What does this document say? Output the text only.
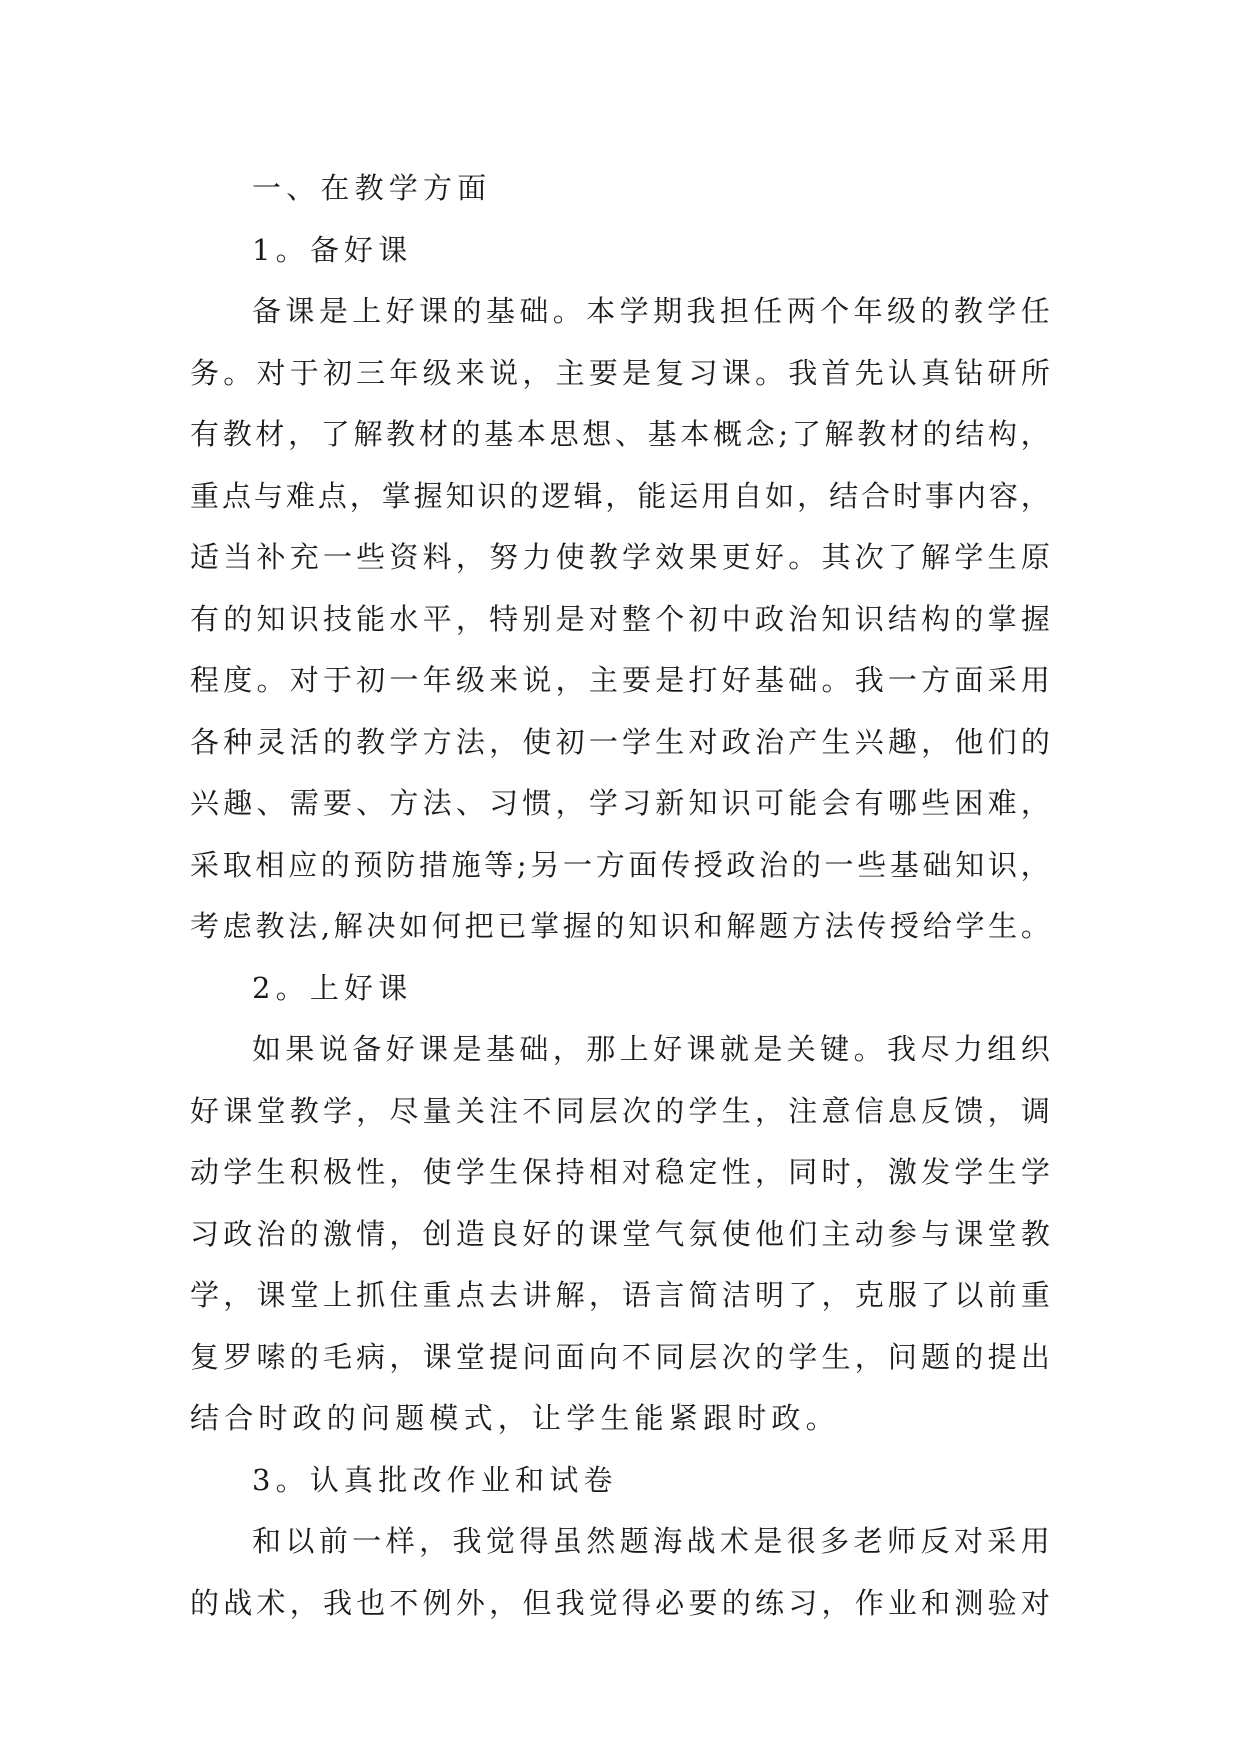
一、在教学方面
1。备好课
备 课 是 上 好 课 的 基 础 。 本 学 期 我 担 任 两 个 年 级 的 教 学 任
务 。 对 于 初 三 年 级 来 说 ， 主 要 是 复 习 课 。 我 首 先 认 真 钻 研 所
有 教 材 ， 了 解 教 材 的 基 本 思 想 、 基 本 概 念 ; 了 解 教 材 的 结 构 ，
重 点 与 难 点 ， 掌 握 知 识 的 逻 辑 ， 能 运 用 自 如 ， 结 合 时 事 内 容 ，
适 当 补 充 一 些 资 料 ， 努 力 使 教 学 效 果 更 好 。 其 次 了 解 学 生 原
有 的 知 识 技 能 水 平 ， 特 别 是 对 整 个 初 中 政 治 知 识 结 构 的 掌 握
程 度 。 对 于 初 一 年 级 来 说 ， 主 要 是 打 好 基 础 。 我 一 方 面 采 用
各 种 灵 活 的 教 学 方 法 ， 使 初 一 学 生 对 政 治 产 生 兴 趣 ， 他 们 的
兴 趣 、 需 要 、 方 法 、 习 惯 ， 学 习 新 知 识 可 能 会 有 哪 些 困 难 ，
采 取 相 应 的 预 防 措 施 等 ; 另 一 方 面 传 授 政 治 的 一 些 基 础 知 识 ，
考 虑 教 法 , 解 决 如 何 把 已 掌 握 的 知 识 和 解 题 方 法 传 授 给 学 生 。
2。上好课
如 果 说 备 好 课 是 基 础 ， 那 上 好 课 就 是 关 键 。 我 尽 力 组 织
好 课 堂 教 学 ， 尽 量 关 注 不 同 层 次 的 学 生 ， 注 意 信 息 反 馈 ， 调
动 学 生 积 极 性 ， 使 学 生 保 持 相 对 稳 定 性 ， 同 时 ， 激 发 学 生 学
习 政 治 的 激 情 ， 创 造 良 好 的 课 堂 气 氛 使 他 们 主 动 参 与 课 堂 教
学 ， 课 堂 上 抓 住 重 点 去 讲 解 ， 语 言 简 洁 明 了 ， 克 服 了 以 前 重
复 罗 嗦 的 毛 病 ， 课 堂 提 问 面 向 不 同 层 次 的 学 生 ， 问 题 的 提 出
结合时政的问题模式，让学生能紧跟时政。
3。认真批改作业和试卷
和 以 前 一 样 ， 我 觉 得 虽 然 题 海 战 术 是 很 多 老 师 反 对 采 用
的 战 术 ， 我 也 不 例 外 ， 但 我 觉 得 必 要 的 练 习 ， 作 业 和 测 验 对
